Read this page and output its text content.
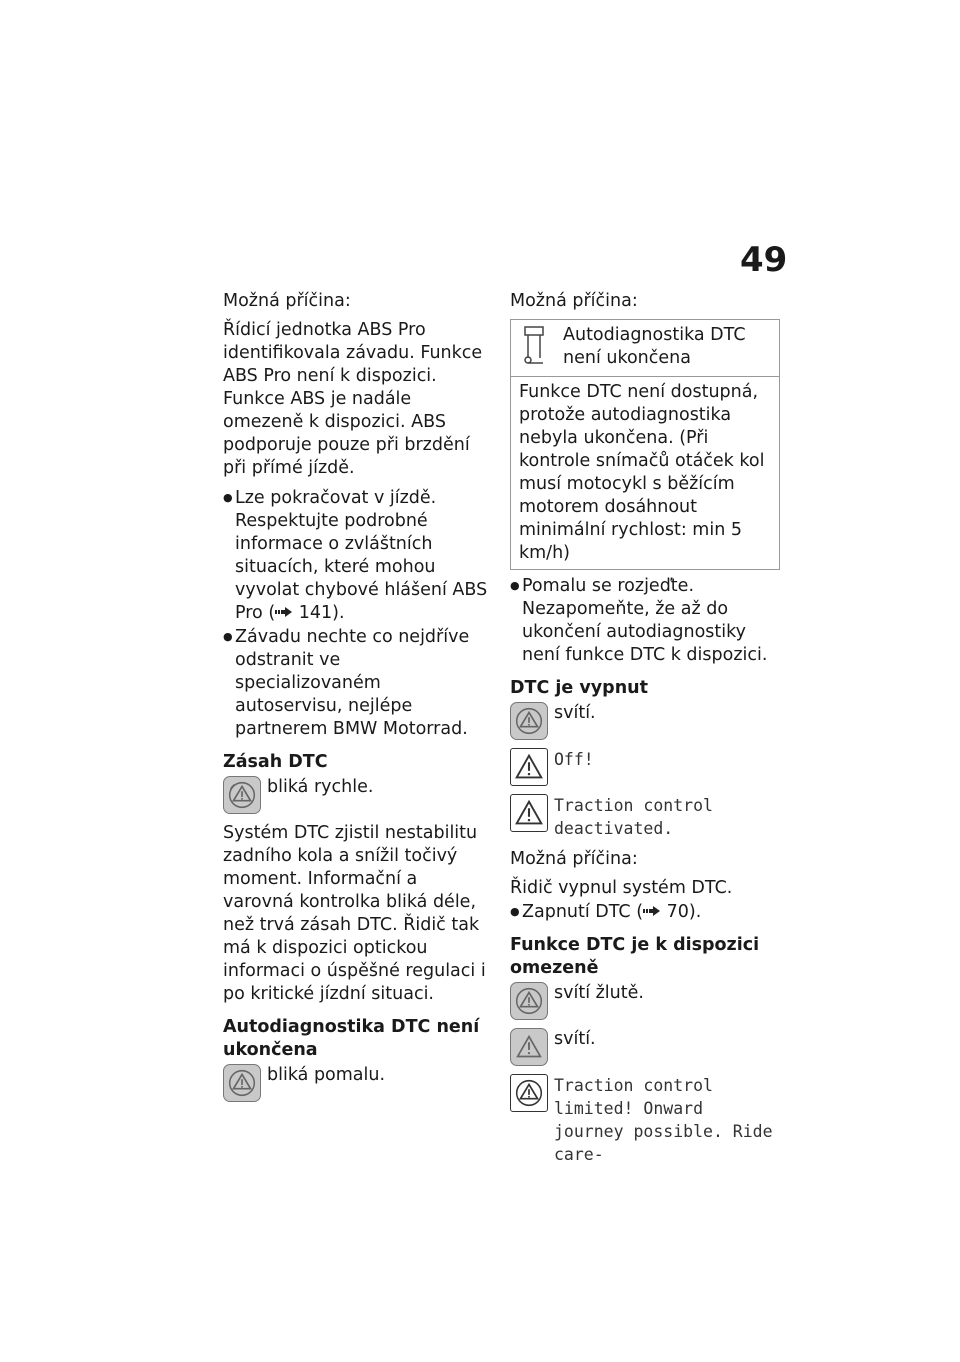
49

Možná příčina:

Řídicí jednotka ABS Pro identifikovala závadu. Funkce ABS Pro není k dispozici. Funkce ABS je nadále omezeně k dispozici. ABS podporuje pouze při brzdění při přímé jízdě.

● Lze pokračovat v jízdě. Respektujte podrobné informace o zvláštních situacích, které mohou vyvolat chybové hlášení ABS Pro ( 141).
● Závadu nechte co nejdříve odstranit ve specializovaném autoservisu, nejlépe partnerem BMW Motorrad.
Zásah DTC
bliká rychle.

Systém DTC zjistil nestabilitu zadního kola a snížil točivý moment. Informační a varovná kontrolka bliká déle, než trvá zásah DTC. Řidič tak má k dispozici optickou informaci o úspěšné regulaci i po kritické jízdní situaci.

Autodiagnostika DTC není ukončena
bliká pomalu.

Možná příčina:

Autodiagnostika DTC není ukončena
Funkce DTC není dostupná, protože autodiagnostika nebyla ukončena. (Při kontrole snímačů otáček kol musí motocykl s běžícím motorem dosáhnout minimální rychlost: min 5 km/h)
● Pomalu se rozjeďte. Nezapomeňte, že až do ukončení autodiagnostiky není funkce DTC k dispozici.
DTC je vypnut
svítí.
Off!
Traction control deactivated.

Možná příčina:

Řidič vypnul systém DTC.

● Zapnutí DTC ( 70).
Funkce DTC je k dispozici omezeně
svítí žlutě.
svítí.
Traction control limited! Onward journey possible. Ride care-
